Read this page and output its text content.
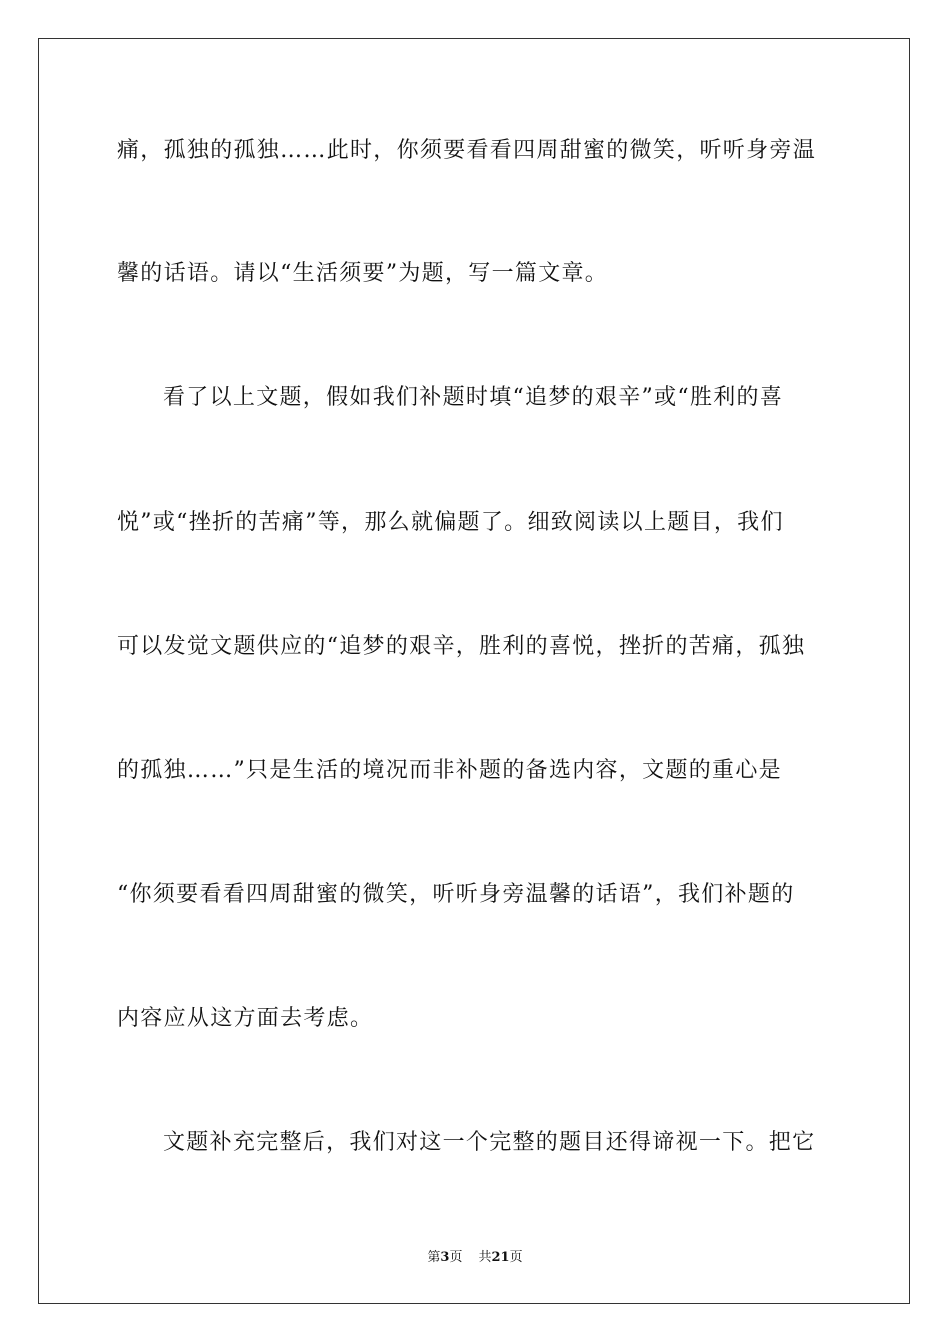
痛，孤独的孤独……此时，你须要看看四周甜蜜的微笑，听听身旁温
馨的话语。请以“生活须要”为题，写一篇文章。
看了以上文题，假如我们补题时填“追梦的艰辛”或“胜利的喜
悦”或“挫折的苦痛”等，那么就偏题了。细致阅读以上题目，我们
可以发觉文题供应的“追梦的艰辛，胜利的喜悦，挫折的苦痛，孤独
的孤独……”只是生活的境况而非补题的备选内容，文题的重心是
“你须要看看四周甜蜜的微笑，听听身旁温馨的话语”，我们补题的
内容应从这方面去考虑。
文题补充完整后，我们对这一个完整的题目还得谛视一下。把它
第3页 共21页
